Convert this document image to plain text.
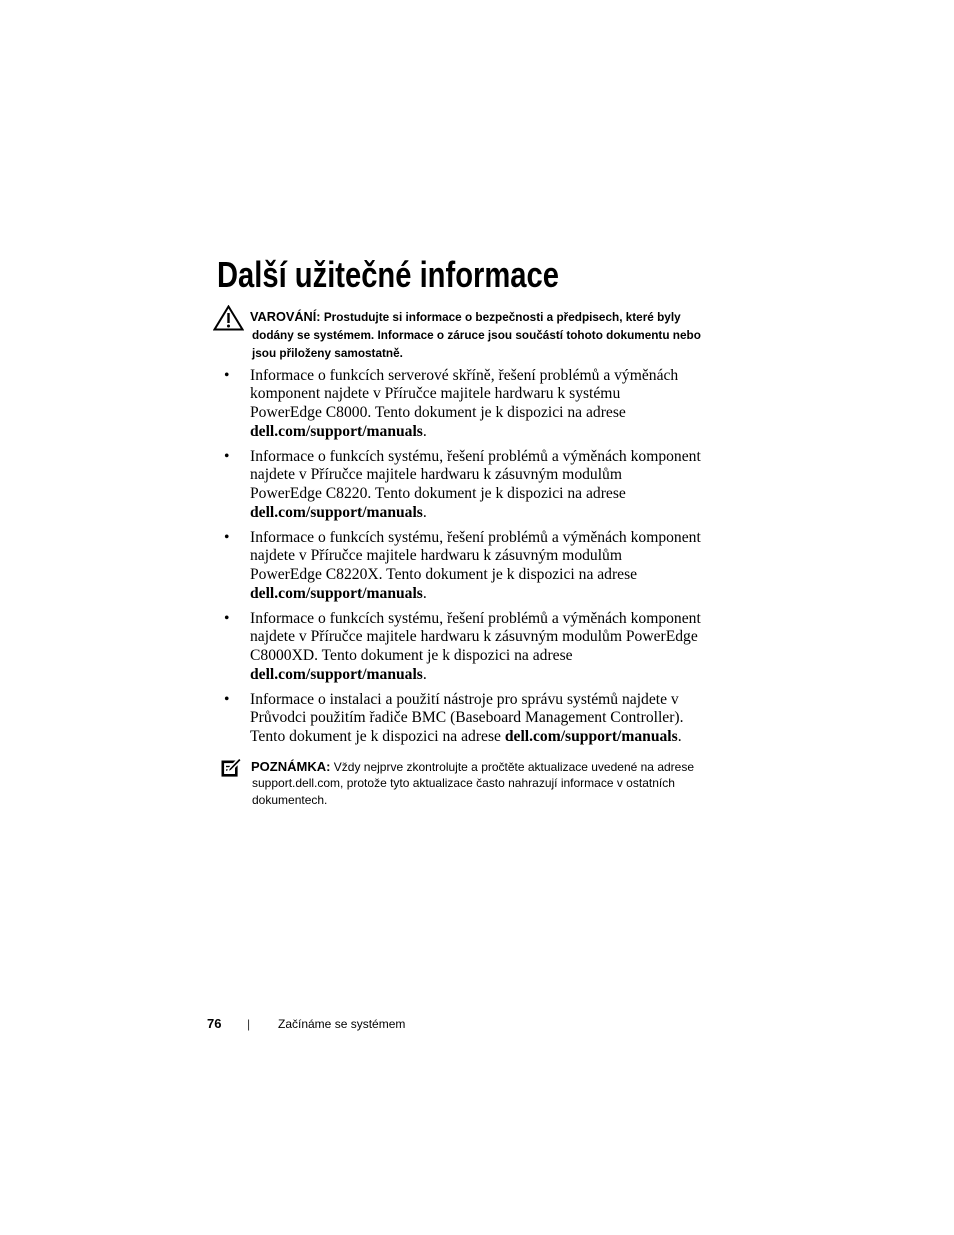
Další užitečné informace
VAROVÁNÍ: Prostudujte si informace o bezpečnosti a předpisech, které byly
dodány se systémem. Informace o záruce jsou součástí tohoto dokumentu nebo
jsou přiloženy samostatně.
• Informace o funkcích serverové skříně, řešení problémů a výměnách
komponent najdete v Příručce majitele hardwaru k systému
PowerEdge C8000. Tento dokument je k dispozici na adrese
dell.com/support/manuals.
• Informace o funkcích systému, řešení problémů a výměnách komponent
najdete v Příručce majitele hardwaru k zásuvným modulům
PowerEdge C8220. Tento dokument je k dispozici na adrese
dell.com/support/manuals.
• Informace o funkcích systému, řešení problémů a výměnách komponent
najdete v Příručce majitele hardwaru k zásuvným modulům
PowerEdge C8220X. Tento dokument je k dispozici na adrese
dell.com/support/manuals.
• Informace o funkcích systému, řešení problémů a výměnách komponent
najdete v Příručce majitele hardwaru k zásuvným modulům PowerEdge
C8000XD. Tento dokument je k dispozici na adrese
dell.com/support/manuals.
• Informace o instalaci a použití nástroje pro správu systémů najdete v
Průvodci použitím řadiče BMC (Baseboard Management Controller).
Tento dokument je k dispozici na adrese dell.com/support/manuals.
POZNÁMKA: Vždy nejprve zkontrolujte a pročtěte aktualizace uvedené na adrese
support.dell.com, protože tyto aktualizace často nahrazují informace v ostatních
dokumentech.
76 | Začínáme se systémem
